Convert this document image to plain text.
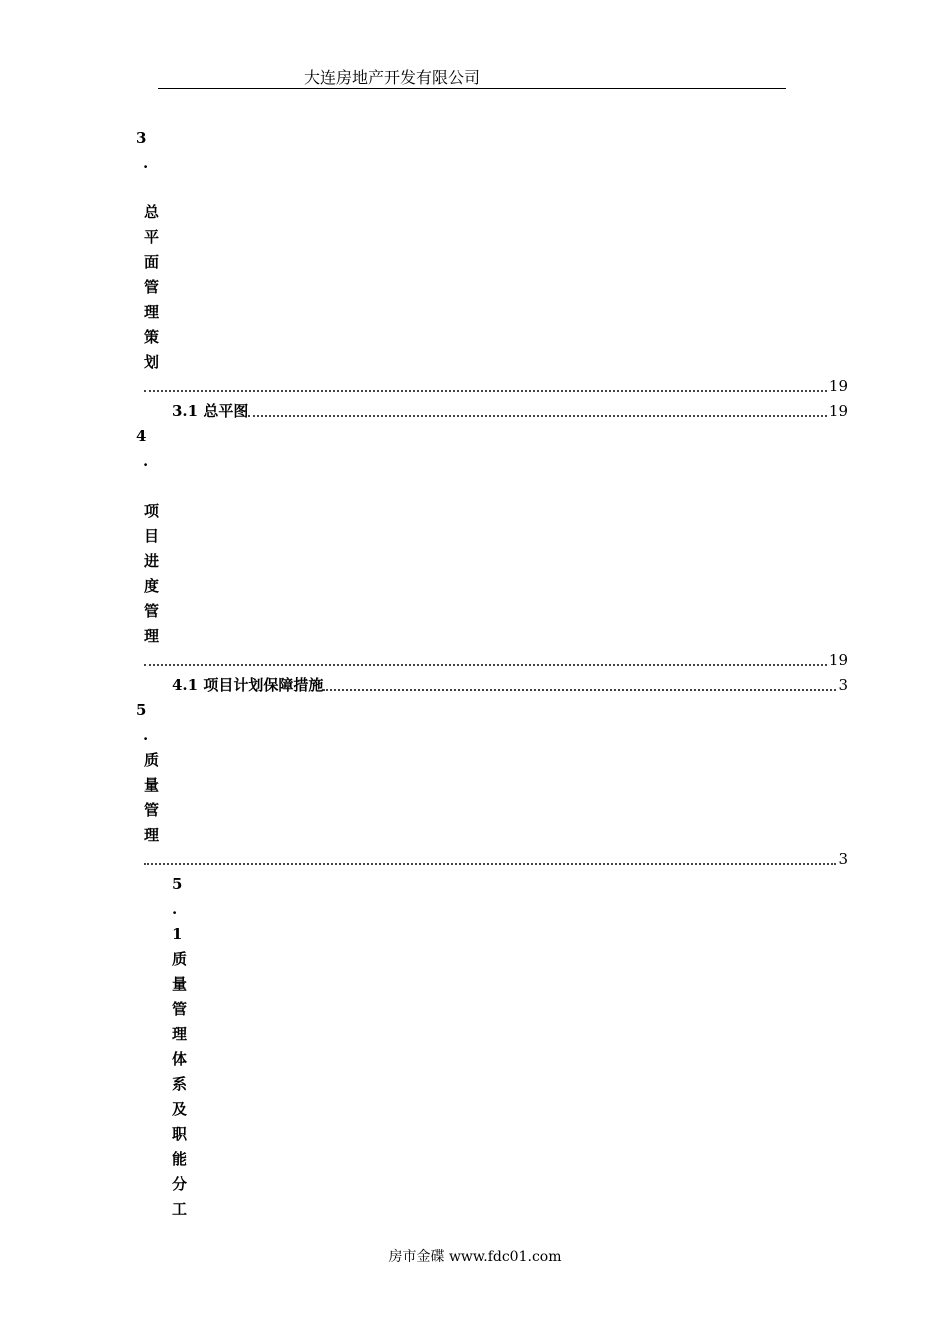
大连房地产开发有限公司
3
.
总
平
面
管
理
策
划
19
3.1 总平图	19
4
.
项
目
进
度
管
理
19
4.1 项目计划保障措施	3
5
.
质
量
管
理
3
5
.
1
质
量
管
理
体
系
及
职
能
分
工
房市金碟 www.fdc01.com
